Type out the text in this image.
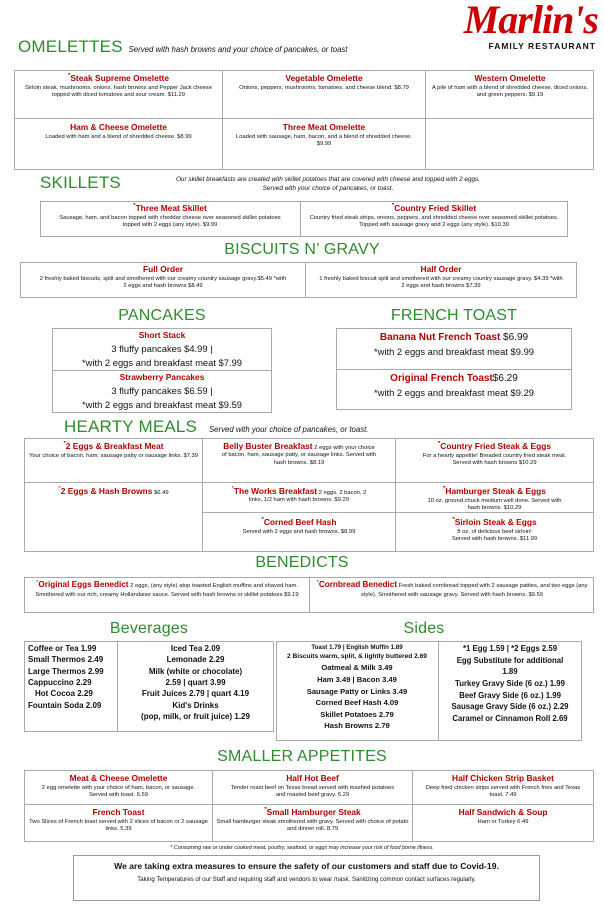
Marlin's
FAMILY RESTAURANT
OMELETTES Served with hash browns and your choice of pancakes, or toast
*Steak Supreme Omelette
Sirloin steak, mushrooms, onions, hash browns and Pepper Jack cheese topped with diced tomatoes and sour cream. $11.29
Vegetable Omelette
Onions, peppers, mushrooms, tomatoes, and cheese blend. $8.79
Western Omelette
A pile of ham with a blend of shredded cheese, diced onions, and green peppers. $9.19
Ham & Cheese Omelette
Loaded with ham and a blend of shredded cheese. $8.99
Three Meat Omelette
Loaded with sausage, ham, bacon, and a blend of shredded cheese. $9.99
SKILLETS	Our skillet breakfasts are created with skillet potatoes that are covered with cheese and topped with 2 eggs.
Served with your choice of pancakes, or toast.
*Three Meat Skillet
Sausage, ham, and bacon topped with cheddar cheese over seasoned skillet potatoes topped with 2 eggs (any style). $9.99
*Country Fried Skillet
Country fried steak strips, onions, peppers, and shredded cheese over seasoned skillet potatoes. Topped with sausage gravy and 2 eggs (any style). $10.39
BISCUITS N’ GRAVY
Full Order
2 freshly baked biscuits, split and smothered with our creamy country sausage gravy.$5.49 *with 2 eggs and hash browns $8.49
Half Order
1 freshly baked biscuit split and smothered with our creamy country sausage gravy. $4.39 *with 2 eggs and hash browns $7.39
PANCAKES
Short Stack
3 fluffy pancakes $4.99 |
*with 2 eggs and breakfast meat $7.99
Strawberry Pancakes
3 fluffy pancakes $6.59 |
*with 2 eggs and breakfast meat $9.59
FRENCH TOAST
Banana Nut French Toast $6.99
*with 2 eggs and breakfast meat $9.99
Original French Toast$6.29
*with 2 eggs and breakfast meat $9.29
HEARTY MEALS Served with your choice of pancakes, or toast.
*2 Eggs & Breakfast Meat
Your choice of bacon, ham, sausage patty or sausage links. $7.39
Belly Buster Breakfast 2 eggs with your choice
of bacon, ham, sausage patty, or sausage links. Served with hash browns. $8.19
*Country Fried Steak & Eggs
For a hearty appetite! Breaded country fried steak meal.
Served with hash browns $10.29
*2 Eggs & Hash Browns $6.49
*The Works Breakfast 2 eggs, 2 bacon, 2
links, 1/2 ham with hash browns. $9.29
*Hamburger Steak & Eggs
10 oz. ground chuck medium well done. Served with hash browns. $10.29
*Corned Beef Hash
Served with 2 eggs and hash browns. $8.99
*Sirloin Steak & Eggs
8 oz. of delicious beef sirloin!
Served with hash browns. $11.99
BENEDICTS
*Original Eggs Benedict 2 eggs, (any style) atop toasted English muffins and shaved ham. Smothered with our rich, creamy Hollandaise sauce. Served with hash browns or skillet potatoes $9.19
*Cornbread Benedict Fresh baked cornbread topped with 2 sausage patties, and two eggs (any style). Smothered with sausage gravy. Served with hash browns. $9.59
Beverages
Coffee or Tea 1.99
Small Thermos 2.49
Large Thermos 2.99
Cappuccino 2.29
Hot Cocoa 2.29
Fountain Soda 2.09
Iced Tea 2.09
Lemonade 2.29
Milk (white or chocolate)
2.59 | quart 3.99
Fruit Juices 2.79 | quart 4.19
Kid's Drinks
(pop, milk, or fruit juice) 1.29
Sides
Toast 1.79 | English Muffin 1.89
2 Biscuits warm, split, & lightly buttered 2.69
Oatmeal & Milk 3.49
Ham 3.49 | Bacon 3.49
Sausage Patty or Links 3.49
Corned Beef Hash 4.09
Skillet Potatoes 2.79
Hash Browns 2.79
*1 Egg 1.59 | *2 Eggs 2.59
Egg Substitute for additional
1.89
Turkey Gravy Side (6 oz.) 1.99
Beef Gravy Side (6 oz.) 1.99
Sausage Gravy Side (6 oz.) 2.29
Caramel or Cinnamon Roll 2.69
SMALLER APPETITES
Meat & Cheese Omelette
2 egg omelette with your choice of ham, bacon, or sausage. Served with toast. 6.59
Half Hot Beef
Tender roast beef on Texas bread served with mashed potatoes and roasted beef gravy. 6.29
Half Chicken Strip Basket
Deep fried chicken strips served with French fries and Texas toast. 7.49
French Toast
Two Slices of French toast served with 2 slices of bacon or 2 sausage links. 5.39
*Small Hamburger Steak
Small hamburger steak smothered with gravy. Served with choice of potato and dinner roll. 8.79
Half Sandwich & Soup
Ham or Turkey 6.49
* Consuming raw or under cooked meat, poultry, seafood, or eggs may increase your risk of food borne illness.
We are taking extra measures to ensure the safety of our customers and staff due to Covid-19.
Taking Temperatures of our Staff and requiring staff and vendors to wear mask. Sanitizing common contact surfaces regularly.
